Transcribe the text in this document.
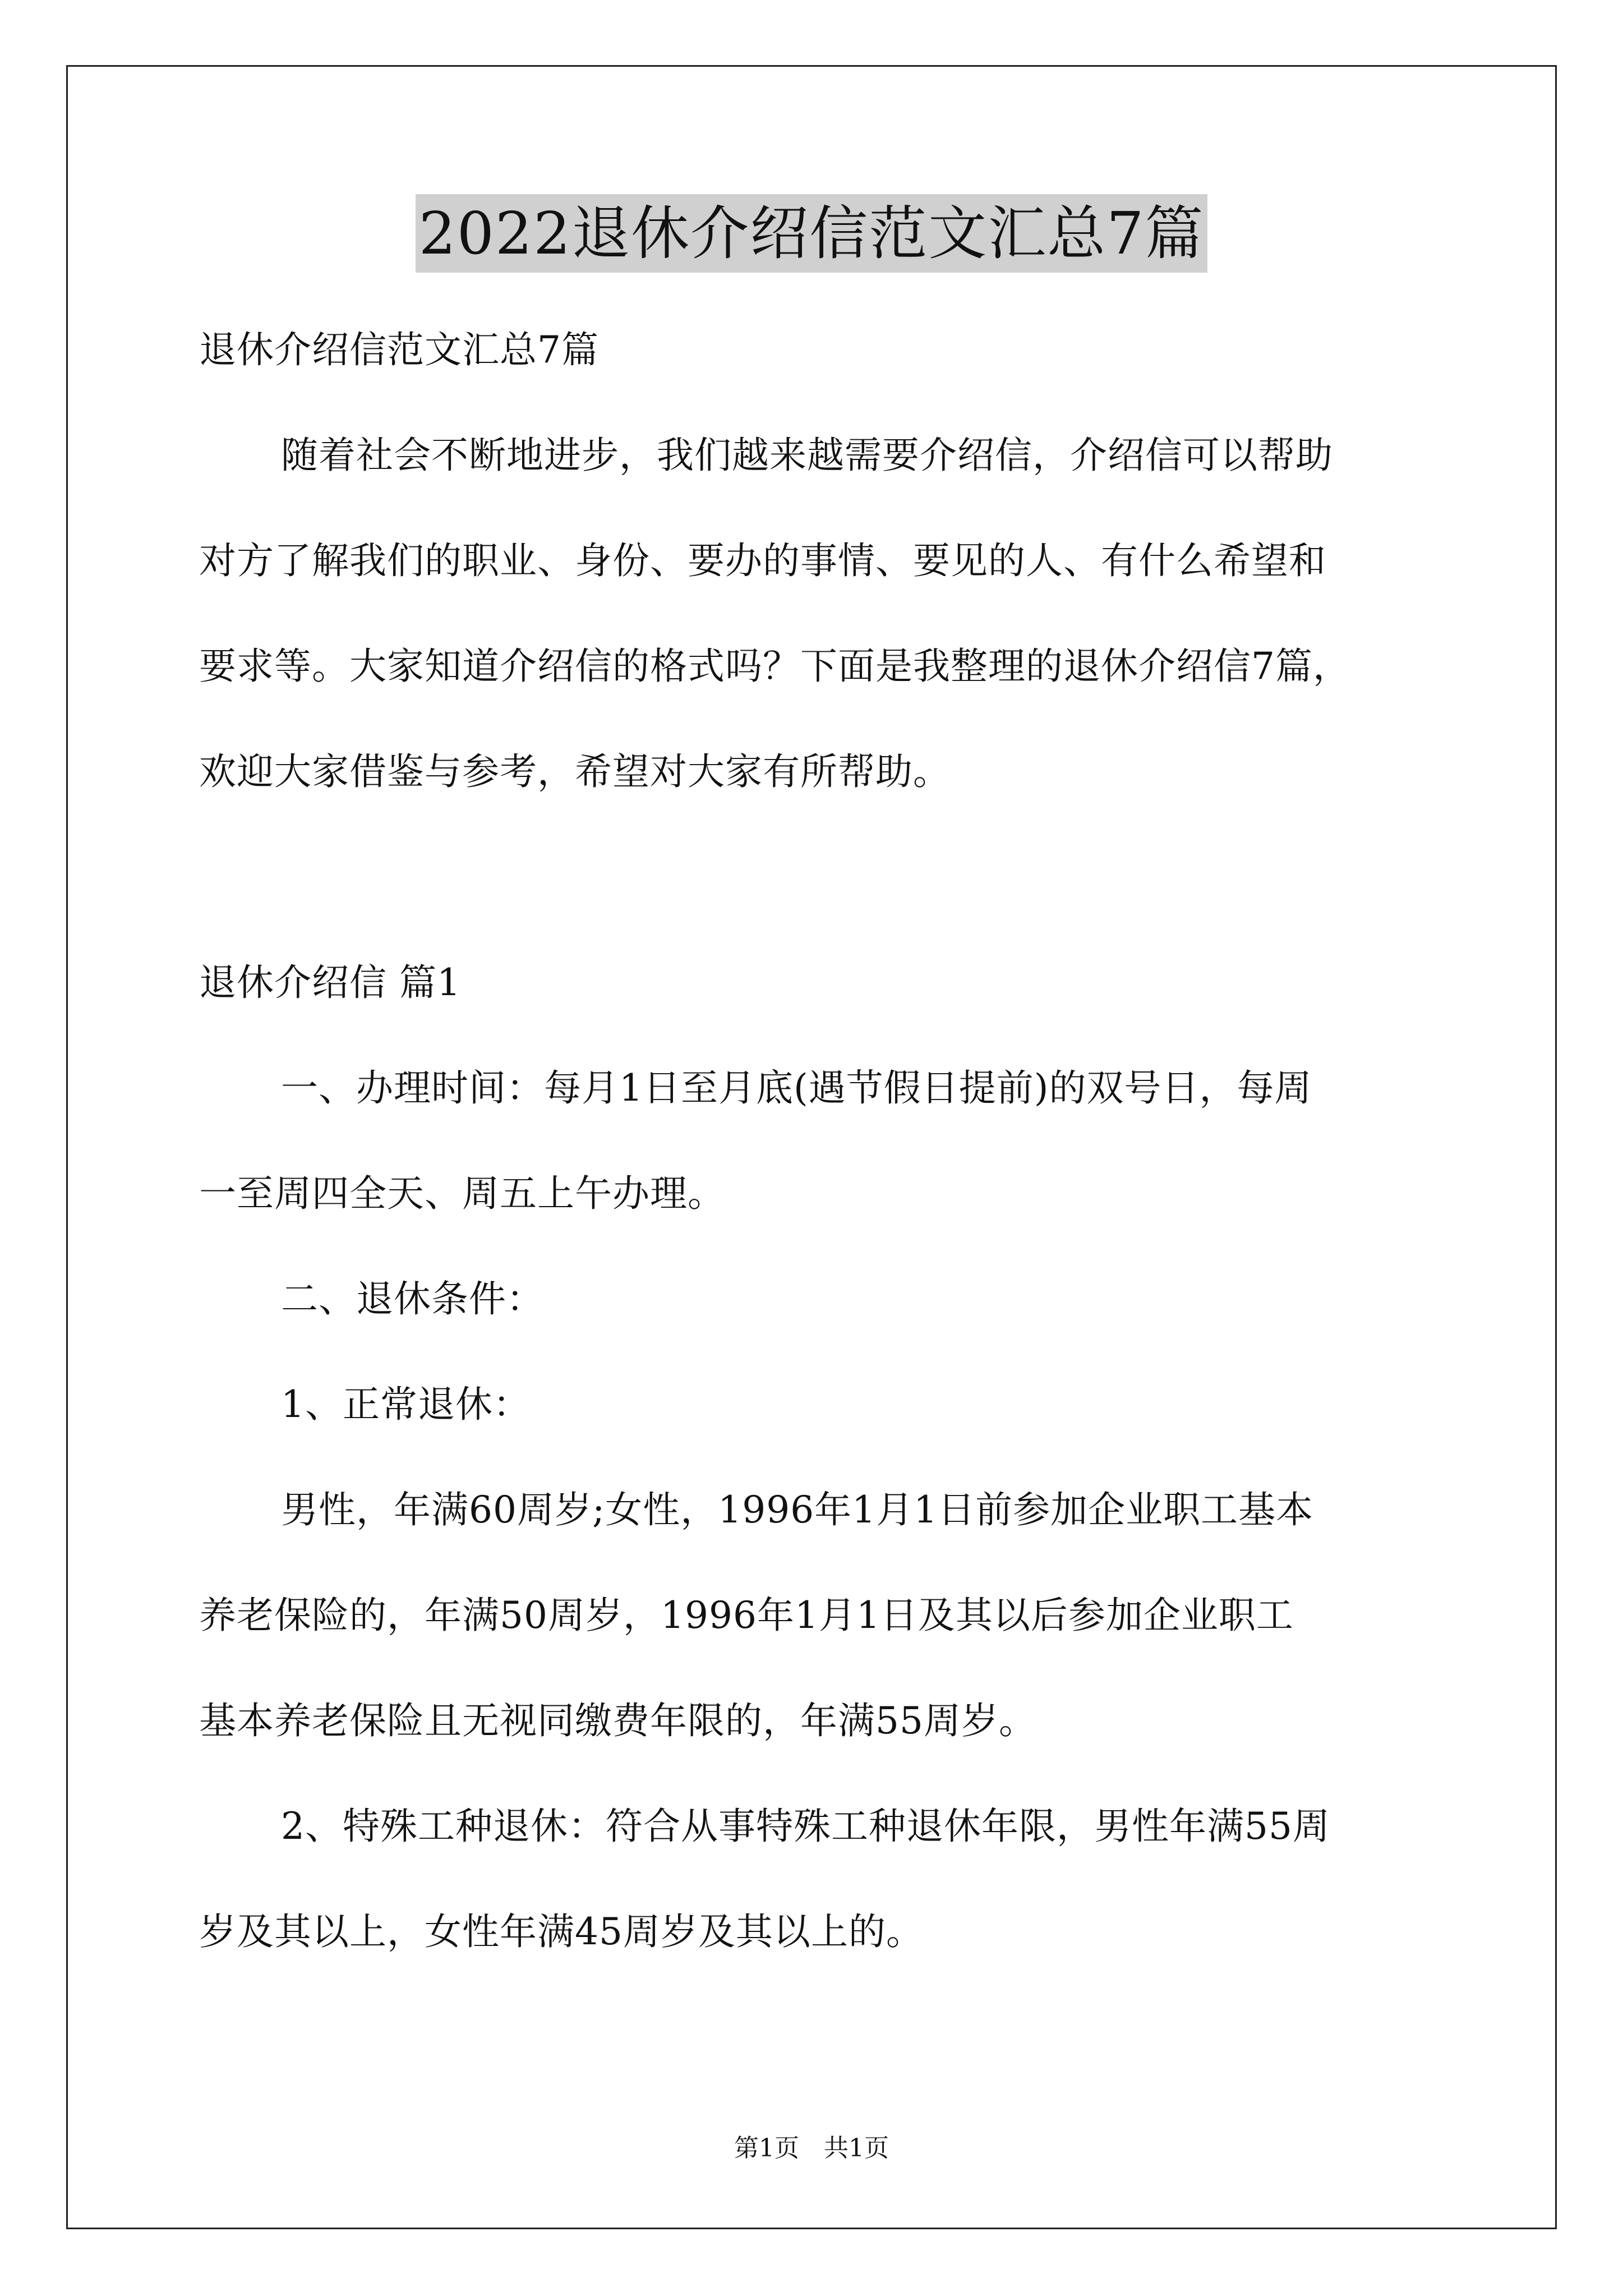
2022退休介绍信范文汇总7篇

退休介绍信范文汇总7篇

随着社会不断地进步，我们越来越需要介绍信，介绍信可以帮助

对方了解我们的职业、身份、要办的事情、要见的人、有什么希望和

要求等。大家知道介绍信的格式吗？下面是我整理的退休介绍信7篇，

欢迎大家借鉴与参考，希望对大家有所帮助。

退休介绍信 篇1

一、办理时间：每月1日至月底(遇节假日提前)的双号日，每周

一至周四全天、周五上午办理。

二、退休条件：

1、正常退休：

男性，年满60周岁;女性，1996年1月1日前参加企业职工基本

养老保险的，年满50周岁，1996年1月1日及其以后参加企业职工

基本养老保险且无视同缴费年限的，年满55周岁。

2、特殊工种退休：符合从事特殊工种退休年限，男性年满55周

岁及其以上，女性年满45周岁及其以上的。

第1页　共1页
